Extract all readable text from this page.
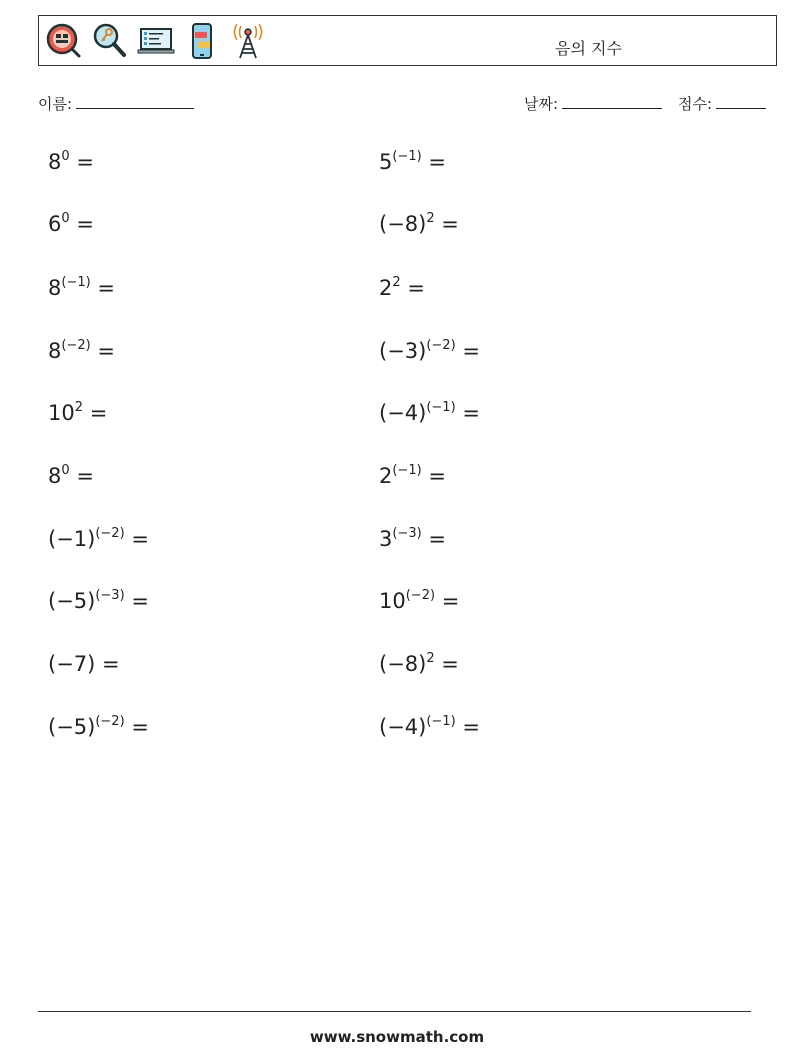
음의 지수
이름:	날짜:	점수:
$8^0$ =
$6^0$ =
$8^{(-1)}$ =
$8^{(-2)}$ =
$10^2$ =
$8^0$ =
$(-1)^{(-2)}$ =
$(-5)^{(-3)}$ =
(−7) =
$(-5)^{(-2)}$ =
$5^{(-1)}$ =
$(-8)^2$ =
$2^2$ =
$(-3)^{(-2)}$ =
$(-4)^{(-1)}$ =
$2^{(-1)}$ =
$3^{(-3)}$ =
$10^{(-2)}$ =
$(-8)^2$ =
$(-4)^{(-1)}$ =
www.snowmath.com
